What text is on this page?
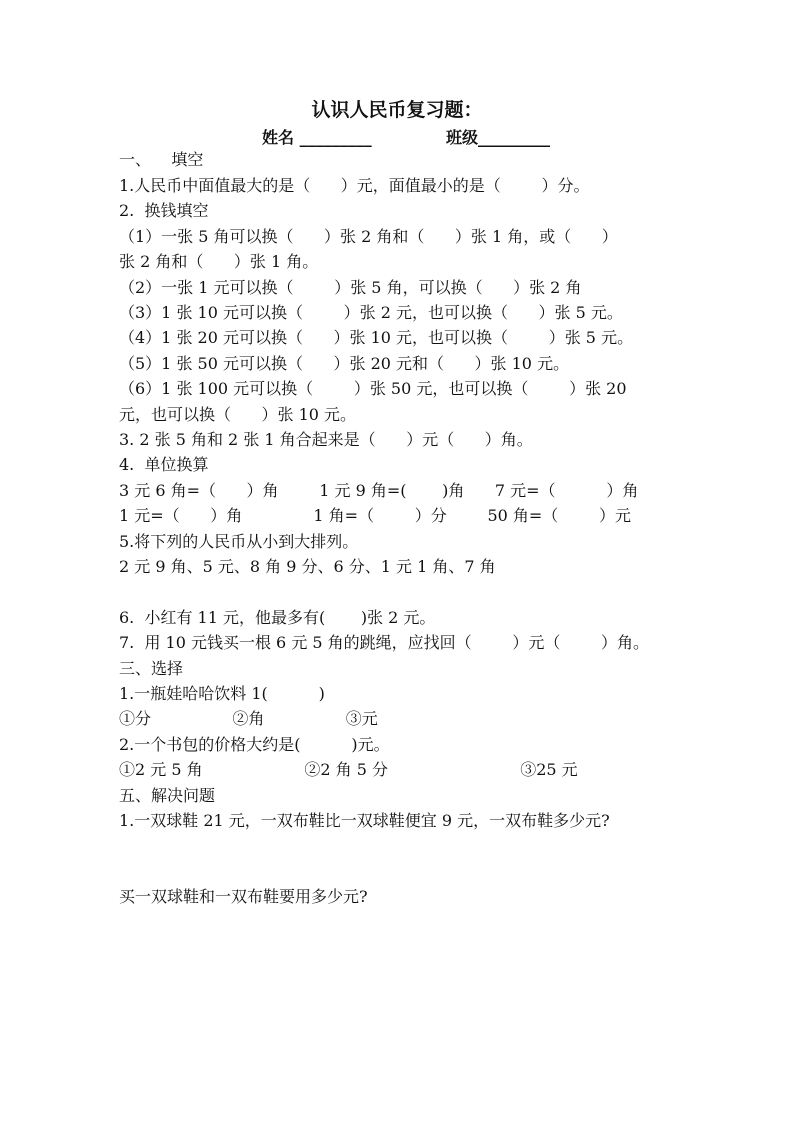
认识人民币复习题：
姓名 _________	班级_________
一、    填空
1.人民币中面值最大的是（      ）元，面值最小的是（        ）分。
2.  换钱填空
（1）一张 5 角可以换（      ）张 2 角和（      ）张 1 角，或（      ）
张 2 角和（      ）张 1 角。
（2）一张 1 元可以换（        ）张 5 角，可以换（      ）张 2 角
（3）1 张 10 元可以换（        ）张 2 元，也可以换（      ）张 5 元。
（4）1 张 20 元可以换（      ）张 10 元，也可以换（        ）张 5 元。
（5）1 张 50 元可以换（      ）张 20 元和（      ）张 10 元。
（6）1 张 100 元可以换（        ）张 50 元，也可以换（        ）张 20
元，也可以换（      ）张 10 元。
3. 2 张 5 角和 2 张 1 角合起来是（      ）元（      ）角。
4.  单位换算
3 元 6 角=（      ）角        1 元 9 角=(       )角      7 元=（          ）角
1 元=（      ）角              1 角=（        ）分        50 角=（        ）元
5.将下列的人民币从小到大排列。
2 元 9 角、5 元、8 角 9 分、6 分、1 元 1 角、7 角
6.  小红有 11 元，他最多有(       )张 2 元。
7.  用 10 元钱买一根 6 元 5 角的跳绳，应找回（        ）元（        ）角。
三、选择
1.一瓶娃哈哈饮料 1(          )
①分                ②角                ③元
2.一个书包的价格大约是(          )元。
①2 元 5 角                    ②2 角 5 分                          ③25 元
五、解决问题
1.一双球鞋 21 元，一双布鞋比一双球鞋便宜 9 元，一双布鞋多少元?
买一双球鞋和一双布鞋要用多少元?
